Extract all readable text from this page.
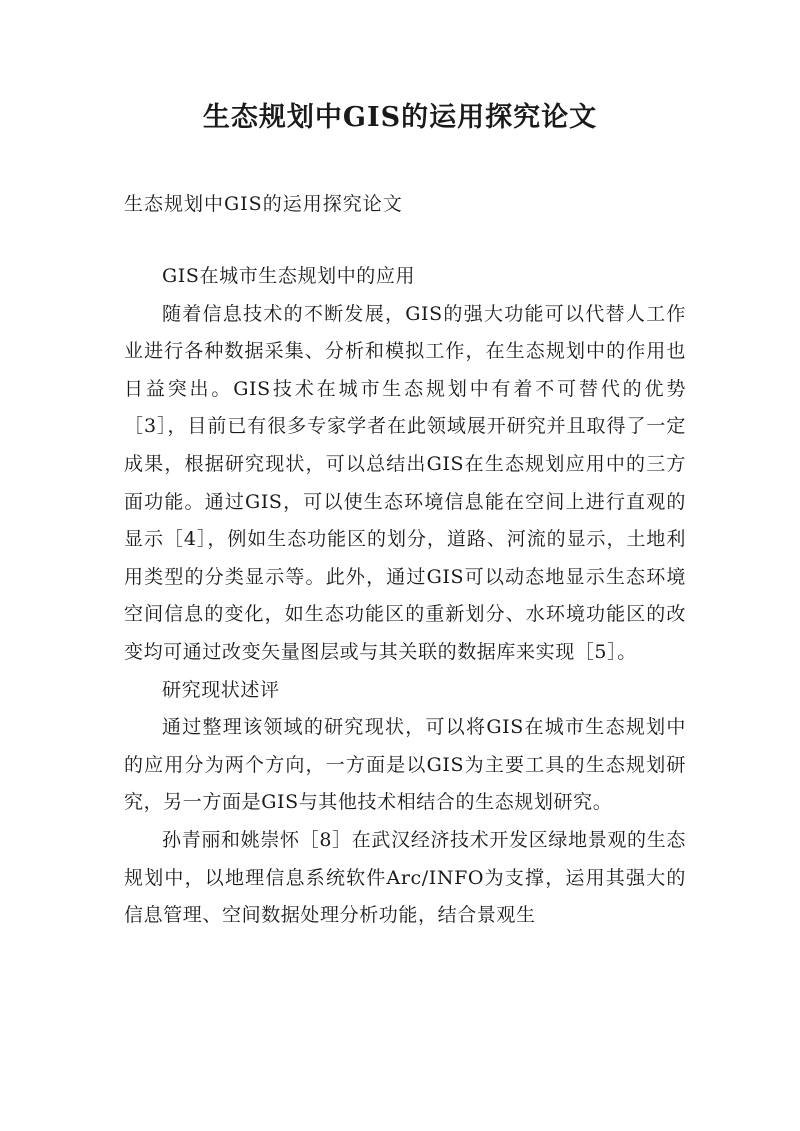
生态规划中GIS的运用探究论文
生态规划中GIS的运用探究论文

GIS在城市生态规划中的应用

随着信息技术的不断发展，GIS的强大功能可以代替人工作业进行各种数据采集、分析和模拟工作，在生态规划中的作用也日益突出。GIS技术在城市生态规划中有着不可替代的优势［3］，目前已有很多专家学者在此领域展开研究并且取得了一定成果，根据研究现状，可以总结出GIS在生态规划应用中的三方面功能。通过GIS，可以使生态环境信息能在空间上进行直观的显示［4］，例如生态功能区的划分，道路、河流的显示，土地利用类型的分类显示等。此外，通过GIS可以动态地显示生态环境空间信息的变化，如生态功能区的重新划分、水环境功能区的改变均可通过改变矢量图层或与其关联的数据库来实现［5］。

研究现状述评

通过整理该领域的研究现状，可以将GIS在城市生态规划中的应用分为两个方向，一方面是以GIS为主要工具的生态规划研究，另一方面是GIS与其他技术相结合的生态规划研究。

孙青丽和姚崇怀［8］在武汉经济技术开发区绿地景观的生态规划中，以地理信息系统软件Arc/INFO为支撑，运用其强大的信息管理、空间数据处理分析功能，结合景观生
